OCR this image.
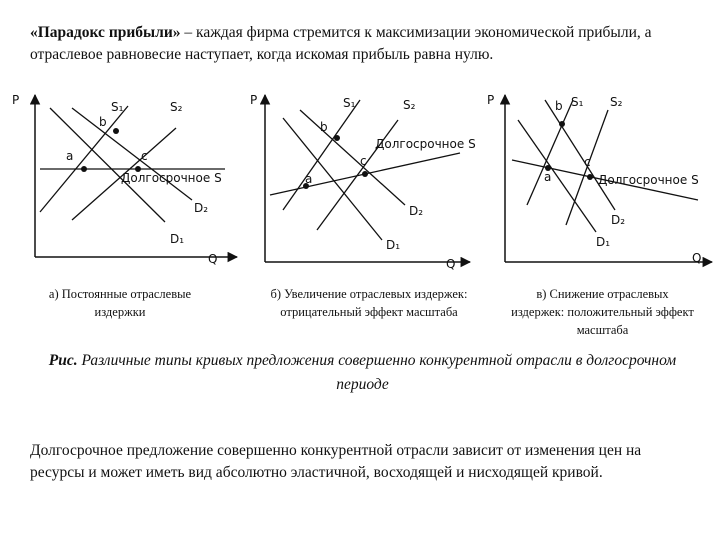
«Парадокс прибыли» – каждая фирма стремится к максимизации экономической прибыли, а отраслевое равновесие наступает, когда искомая прибыль равна нулю.

P
Q
a
b
c
S₁	S₂
D₂
D₁
Долгосрочное S
P
Q
a
b
c
S₁	S₂
D₂
D₁
Долгосрочное S
P
Q
a
b
c
S₁ S₂
D₂
D₁
Долгосрочное S
а) Постоянные отраслевые издержки
б) Увеличение отраслевых издержек: отрицательный эффект масштаба
в) Снижение отраслевых издержек: положительный эффект масштаба
Рис. Различные типы кривых предложения совершенно конкурентной отрасли в долгосрочном периоде

Долгосрочное предложение совершенно конкурентной отрасли зависит от изменения цен на ресурсы и может иметь вид абсолютно эластичной, восходящей и нисходящей кривой.
